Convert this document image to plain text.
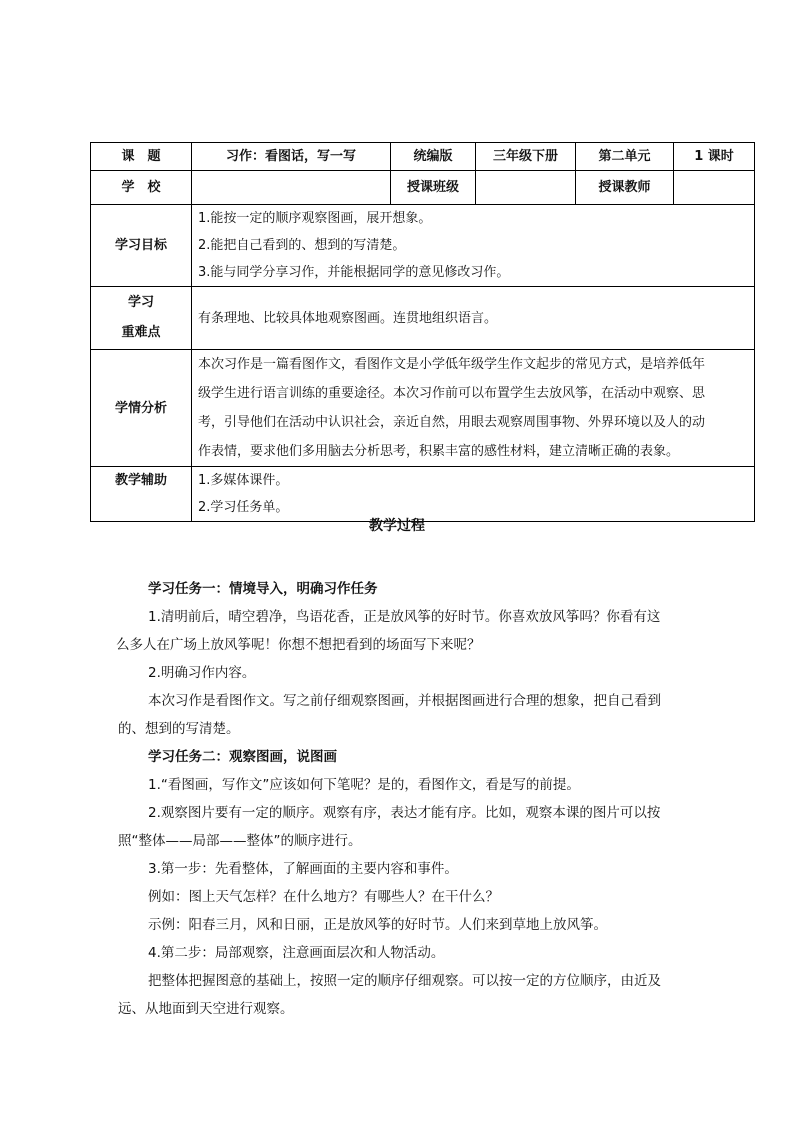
课　题	习作：看图话，写一写	统编版	三年级下册	第二单元	1 课时
学　校		授课班级		授课教师	
学习目标	1.能按一定的顺序观察图画，展开想象。
2.能把自己看到的、想到的写清楚。
3.能与同学分享习作，并能根据同学的意见修改习作。				

学习
重难点	有条理地、比较具体地观察图画。连贯地组织语言。				
学情分析	本次习作是一篇看图作文，看图作文是小学低年级学生作文起步的常见方式，是培养低年
级学生进行语言训练的重要途径。本次习作前可以布置学生去放风筝，在活动中观察、思
考，引导他们在活动中认识社会，亲近自然，用眼去观察周围事物、外界环境以及人的动
作表情，要求他们多用脑去分析思考，积累丰富的感性材料，建立清晰正确的表象。				

教学辅助	1.多媒体课件。
2.学习任务单。				
教学过程

学习任务一：情境导入，明确习作任务

1.清明前后，晴空碧净，鸟语花香，正是放风筝的好时节。你喜欢放风筝吗？你看有这

么多人在广场上放风筝呢！你想不想把看到的场面写下来呢？

2.明确习作内容。

本次习作是看图作文。写之前仔细观察图画，并根据图画进行合理的想象，把自己看到

的、想到的写清楚。

学习任务二：观察图画，说图画

1.“看图画，写作文”应该如何下笔呢？是的，看图作文，看是写的前提。

2.观察图片要有一定的顺序。观察有序，表达才能有序。比如，观察本课的图片可以按

照“整体——局部——整体”的顺序进行。

3.第一步：先看整体，了解画面的主要内容和事件。

例如：图上天气怎样？在什么地方？有哪些人？在干什么？

示例：阳春三月，风和日丽，正是放风筝的好时节。人们来到草地上放风筝。

4.第二步：局部观察，注意画面层次和人物活动。

把整体把握图意的基础上，按照一定的顺序仔细观察。可以按一定的方位顺序，由近及

远、从地面到天空进行观察。
